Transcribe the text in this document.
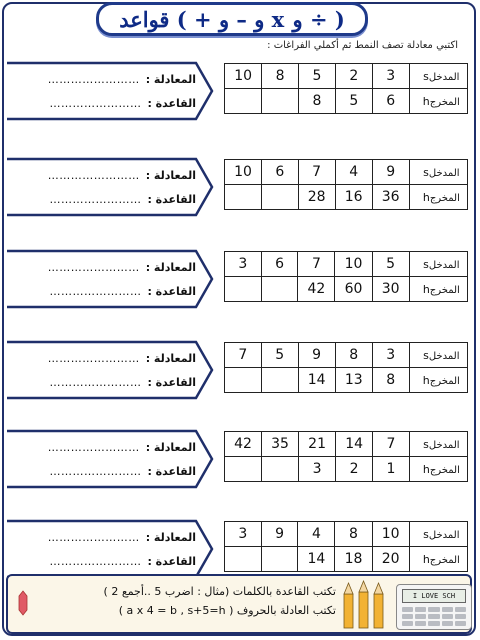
قواعد ( + و – و x و ÷ )
اكتبي معادلة تصف النمط ثم أكملي الفراغات :
المعادلة :
……………………
القاعدة :
……………………
10	8	5	2	3	المدخلs
		8	5	6	المخرجh
المعادلة :
……………………
القاعدة :
……………………
10	6	7	4	9	المدخلs
		28	16	36	المخرجh
المعادلة :
……………………
القاعدة :
……………………
3	6	7	10	5	المدخلs
		42	60	30	المخرجh
المعادلة :
……………………
القاعدة :
……………………
7	5	9	8	3	المدخلs
		14	13	8	المخرجh
المعادلة :
……………………
القاعدة :
……………………
42	35	21	14	7	المدخلs
		3	2	1	المخرجh
المعادلة :
……………………
القاعدة :
……………………
3	9	4	8	10	المدخلs
		14	18	20	المخرجh
تكتب القاعدة بالكلمات (مثال : اضرب 5 ..أجمع 2 )
تكتب العادلة بالحروف ( a x 4 = b , s+5=h )
I LOVE SCH
